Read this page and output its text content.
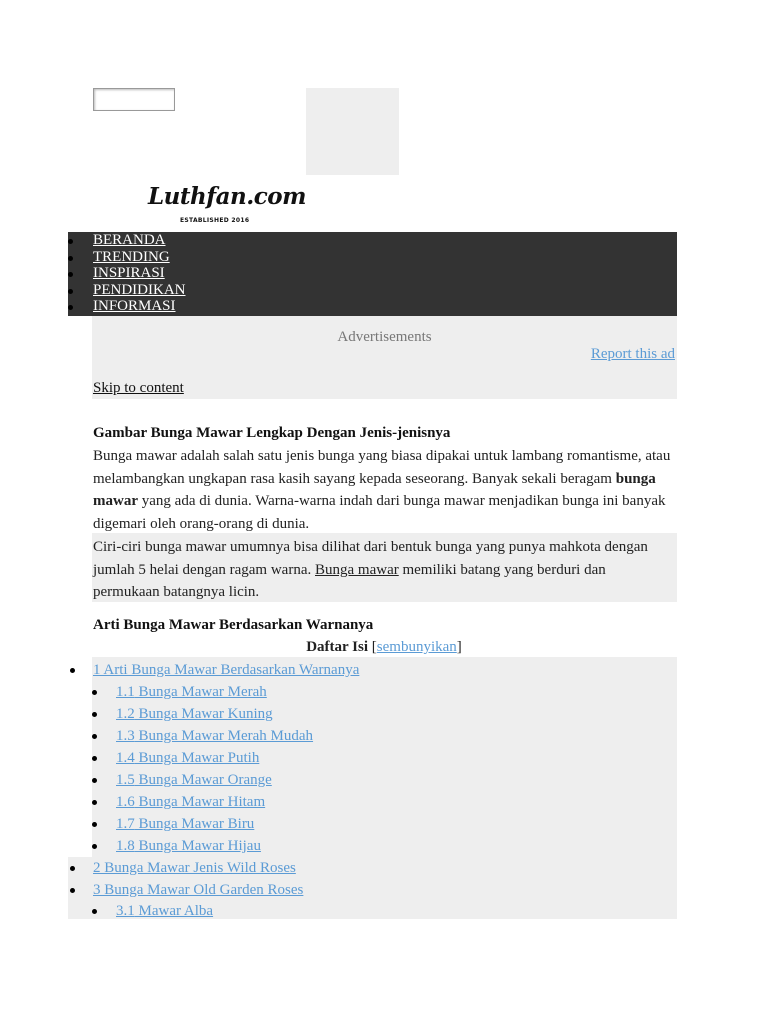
Luthfan.com
ESTABLISHED 2016
BERANDA
TRENDING
INSPIRASI
PENDIDIKAN
INFORMASI
Advertisements
Report this ad
Skip to content
Gambar Bunga Mawar Lengkap Dengan Jenis-jenisnya
Bunga mawar adalah salah satu jenis bunga yang biasa dipakai untuk lambang romantisme, atau melambangkan ungkapan rasa kasih sayang kepada seseorang. Banyak sekali beragam bunga mawar yang ada di dunia. Warna-warna indah dari bunga mawar menjadikan bunga ini banyak digemari oleh orang-orang di dunia.

Ciri-ciri bunga mawar umumnya bisa dilihat dari bentuk bunga yang punya mahkota dengan jumlah 5 helai dengan ragam warna. Bunga mawar memiliki batang yang berduri dan permukaan batangnya licin.

Arti Bunga Mawar Berdasarkan Warnanya
Daftar Isi [sembunyikan]
1 Arti Bunga Mawar Berdasarkan Warnanya
1.1 Bunga Mawar Merah
1.2 Bunga Mawar Kuning
1.3 Bunga Mawar Merah Mudah
1.4 Bunga Mawar Putih
1.5 Bunga Mawar Orange
1.6 Bunga Mawar Hitam
1.7 Bunga Mawar Biru
1.8 Bunga Mawar Hijau
2 Bunga Mawar Jenis Wild Roses
3 Bunga Mawar Old Garden Roses
3.1 Mawar Alba
